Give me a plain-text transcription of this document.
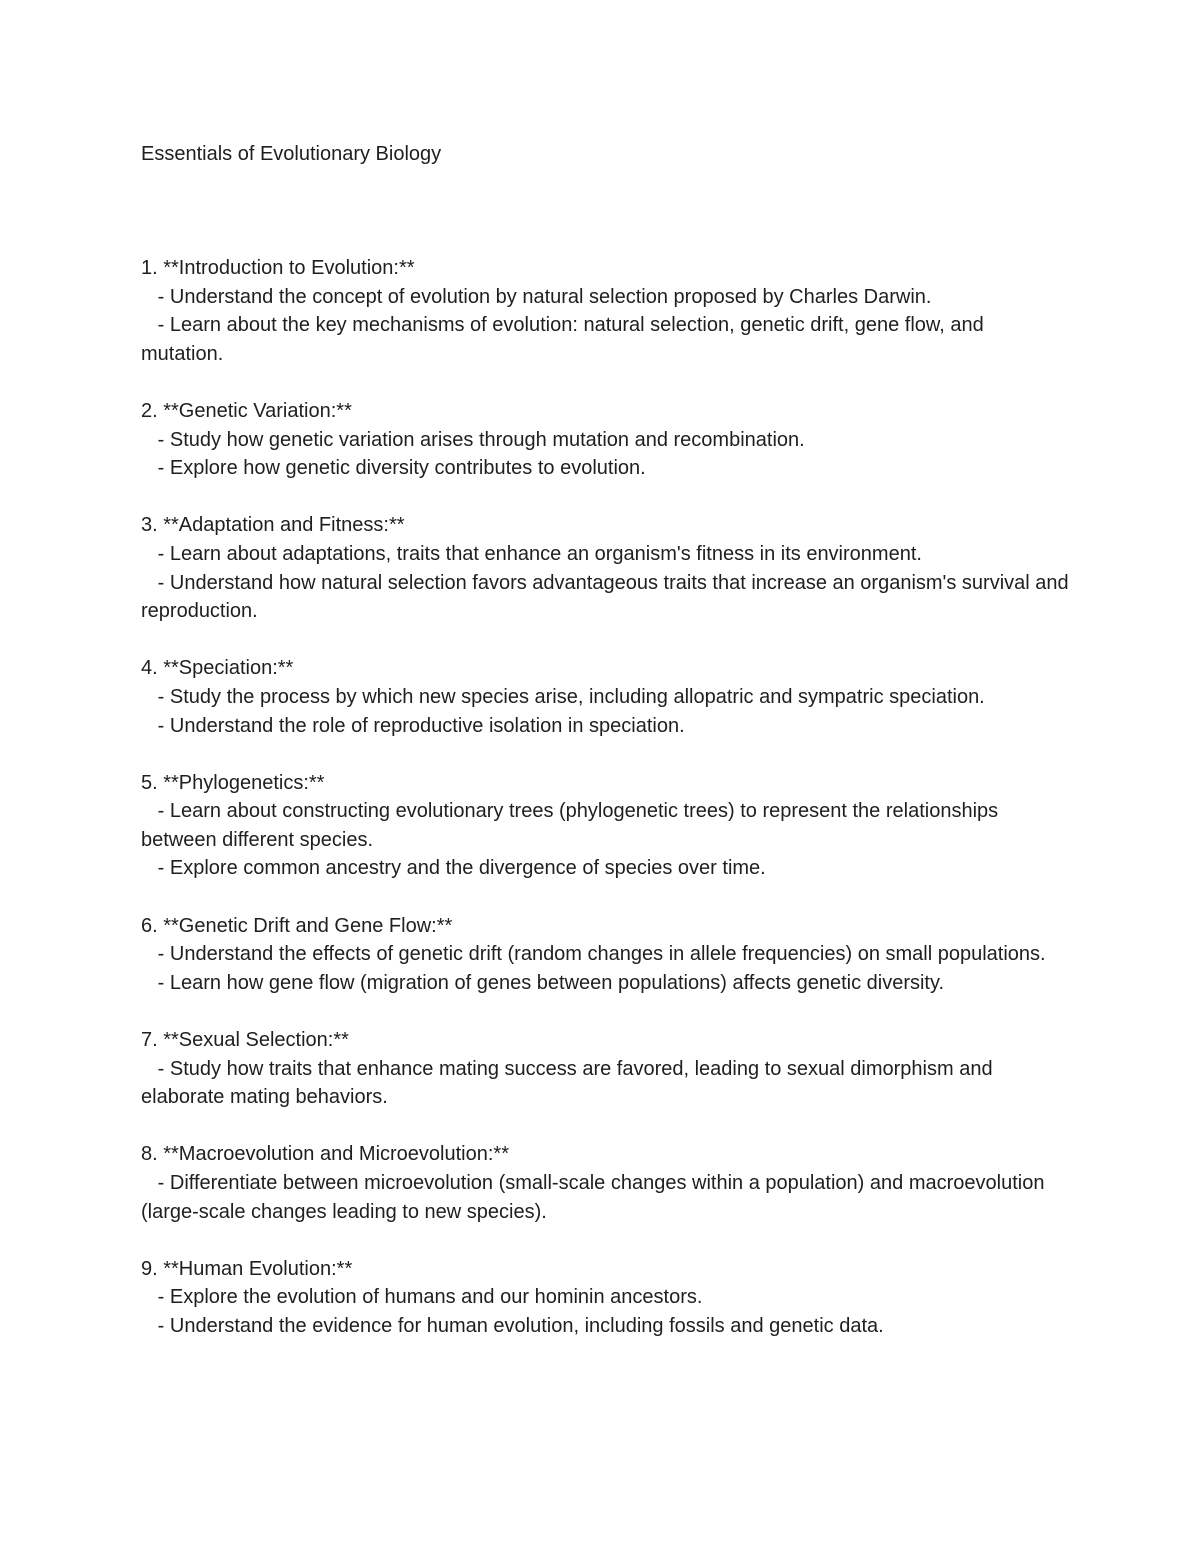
Essentials of Evolutionary Biology

1. **Introduction to Evolution:**

- Understand the concept of evolution by natural selection proposed by Charles Darwin.

- Learn about the key mechanisms of evolution: natural selection, genetic drift, gene flow, and mutation.

2. **Genetic Variation:**

- Study how genetic variation arises through mutation and recombination.

- Explore how genetic diversity contributes to evolution.

3. **Adaptation and Fitness:**

- Learn about adaptations, traits that enhance an organism's fitness in its environment.

- Understand how natural selection favors advantageous traits that increase an organism's survival and reproduction.

4. **Speciation:**

- Study the process by which new species arise, including allopatric and sympatric speciation.

- Understand the role of reproductive isolation in speciation.

5. **Phylogenetics:**

- Learn about constructing evolutionary trees (phylogenetic trees) to represent the relationships between different species.

- Explore common ancestry and the divergence of species over time.

6. **Genetic Drift and Gene Flow:**

- Understand the effects of genetic drift (random changes in allele frequencies) on small populations.

- Learn how gene flow (migration of genes between populations) affects genetic diversity.

7. **Sexual Selection:**

- Study how traits that enhance mating success are favored, leading to sexual dimorphism and elaborate mating behaviors.

8. **Macroevolution and Microevolution:**

- Differentiate between microevolution (small-scale changes within a population) and macroevolution (large-scale changes leading to new species).

9. **Human Evolution:**

- Explore the evolution of humans and our hominin ancestors.

- Understand the evidence for human evolution, including fossils and genetic data.
